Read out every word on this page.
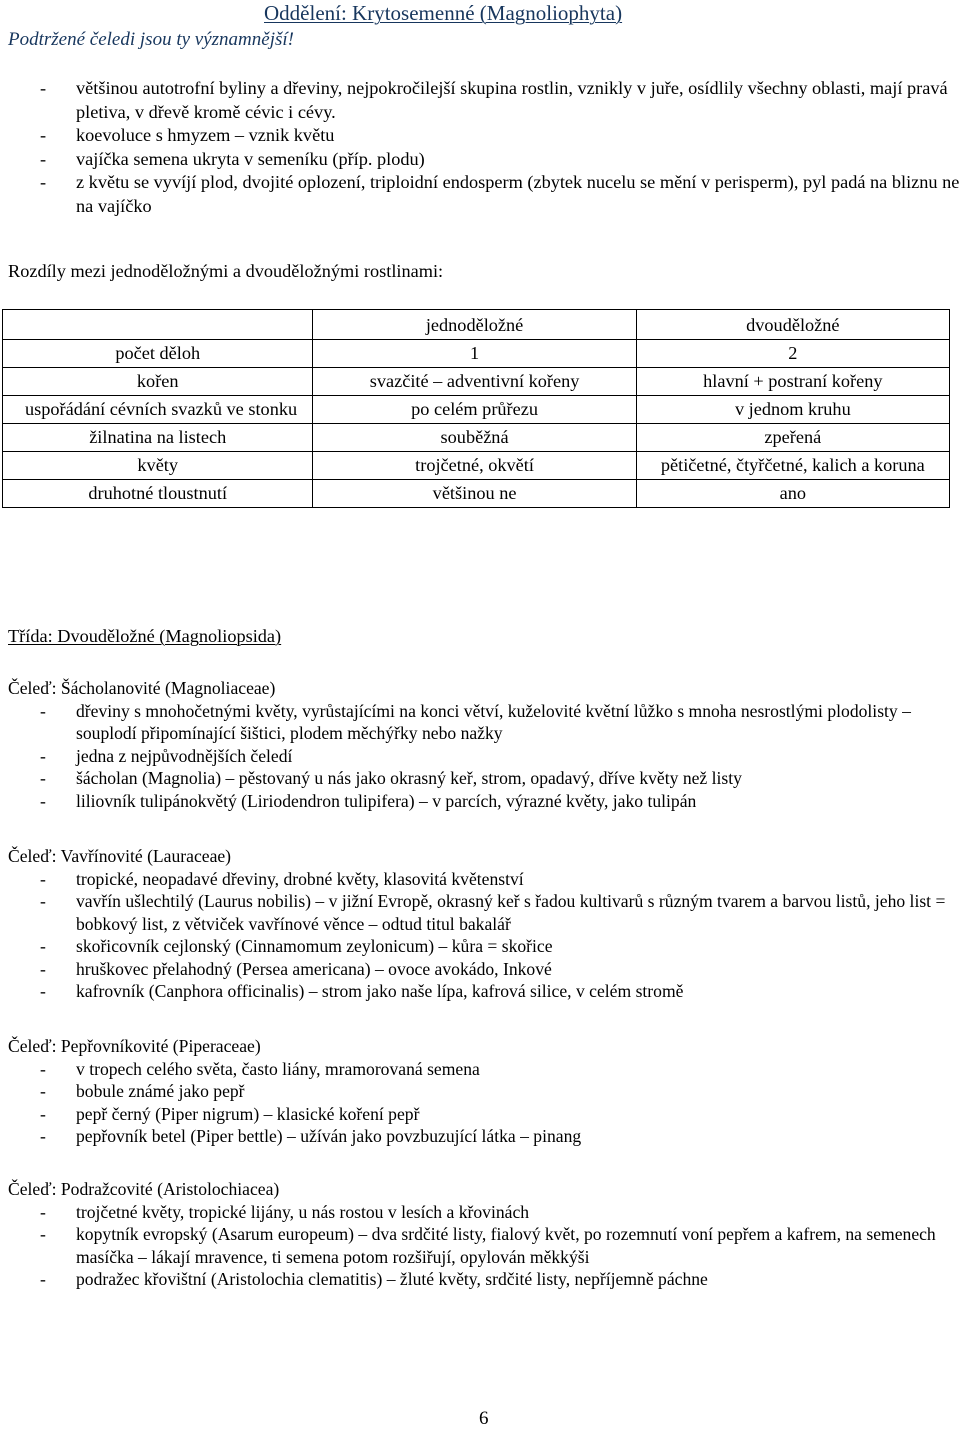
Oddělení: Krytosemenné (Magnoliophyta)
Podtržené čeledi jsou ty významnější!
- většinou autotrofní byliny a dřeviny, nejpokročilejší skupina rostlin, vznikly v juře, osídlily všechny oblasti, mají pravá pletiva, v dřevě kromě cévic i cévy.
- koevoluce s hmyzem – vznik květu
- vajíčka semena ukryta v semeníku (příp. plodu)
- z květu se vyvíjí plod, dvojité oplození, triploidní endosperm (zbytek nucelu se mění v perisperm), pyl padá na bliznu ne na vajíčko
Rozdíly mezi jednoděložnými a dvouděložnými rostlinami:
	jednoděložné	dvouděložné
počet děloh	1	2
kořen	svazčité – adventivní kořeny	hlavní + postraní kořeny
uspořádání cévních svazků ve stonku	po celém průřezu	v jednom kruhu
žilnatina na listech	souběžná	zpeřená
květy	trojčetné, okvětí	pětičetné, čtyřčetné, kalich a koruna
druhotné tloustnutí	většinou ne	ano
Třída: Dvouděložné (Magnoliopsida)
Čeleď: Šácholanovité (Magnoliaceae)
- dřeviny s mnohočetnými květy, vyrůstajícími na konci větví, kuželovité květní lůžko s mnoha nesrostlými plodolisty – souplodí připomínající šištici, plodem měchýřky nebo nažky
- jedna z nejpůvodnějších čeledí
- šácholan (Magnolia) – pěstovaný u nás jako okrasný keř, strom, opadavý, dříve květy než listy
- liliovník tulipánokvětý (Liriodendron tulipifera) – v parcích, výrazné květy, jako tulipán
Čeleď: Vavřínovité (Lauraceae)
- tropické, neopadavé dřeviny, drobné květy, klasovitá květenství
- vavřín ušlechtilý (Laurus nobilis) – v jižní Evropě, okrasný keř s řadou kultivarů s různým tvarem a barvou listů, jeho list = bobkový list, z větviček vavřínové věnce – odtud titul bakalář
- skořicovník cejlonský (Cinnamomum zeylonicum) – kůra = skořice
- hruškovec přelahodný (Persea americana) – ovoce avokádo, Inkové
- kafrovník (Canphora officinalis) – strom jako naše lípa, kafrová silice, v celém stromě
Čeleď: Pepřovníkovité (Piperaceae)
- v tropech celého světa, často liány, mramorovaná semena
- bobule známé jako pepř
- pepř černý (Piper nigrum) – klasické koření pepř
- pepřovník betel (Piper bettle) – užíván jako povzbuzující látka – pinang
Čeleď: Podražcovité (Aristolochiacea)
- trojčetné květy, tropické lijány, u nás rostou v lesích a křovinách
- kopytník evropský (Asarum europeum) – dva srdčité listy, fialový květ, po rozemnutí voní pepřem a kafrem, na semenech masíčka – lákají mravence, ti semena potom rozšiřují, opylován měkkýši
- podražec křovištní (Aristolochia clematitis) – žluté květy, srdčité listy, nepříjemně páchne
6
